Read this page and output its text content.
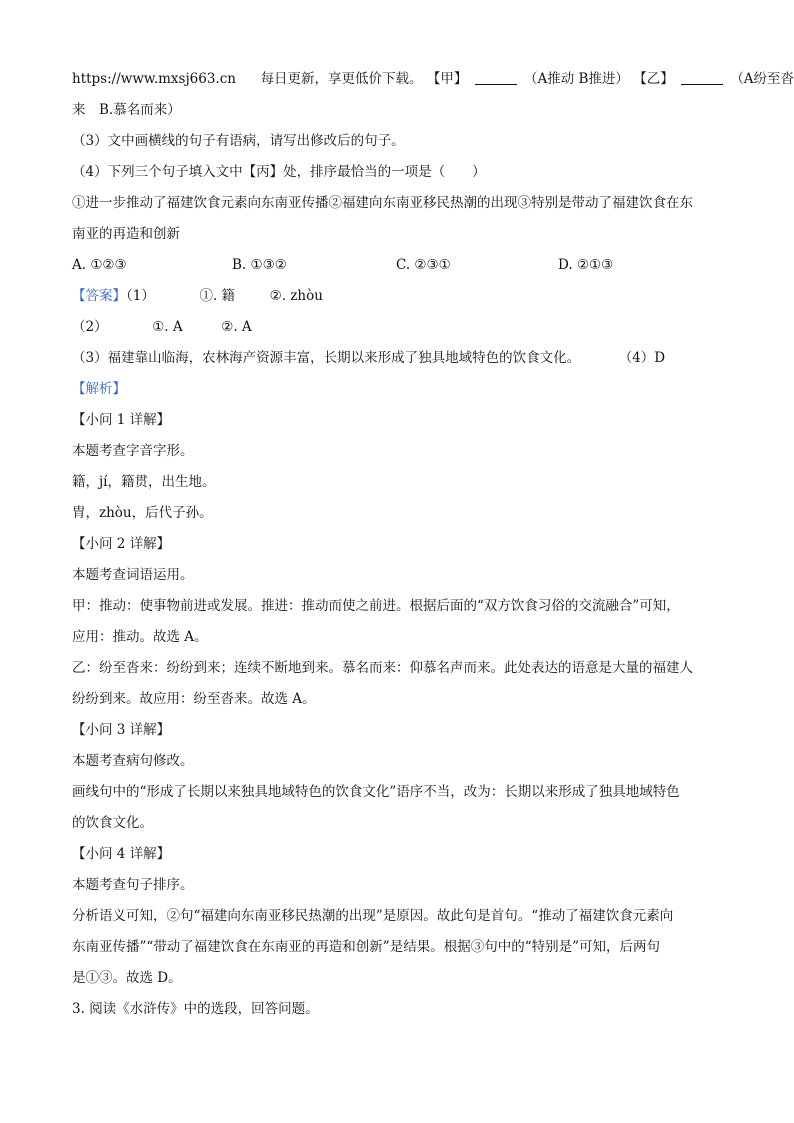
https://www.mxsj663.cn 每日更新，享更低价下载。 【甲】	（A推动 B推进） 【乙】	（A纷至沓
来　B.慕名而来）
（3）文中画横线的句子有语病，请写出修改后的句子。
（4）下列三个句子填入文中【丙】处，排序最恰当的一项是（　　）
①进一步推动了福建饮食元素向东南亚传播②福建向东南亚移民热潮的出现③特别是带动了福建饮食在东
南亚的再造和创新
A. ①②③	B. ①③②	C. ②③①	D. ②①③
【答案】（1）	①. 籍	②. zhòu
（2）	①. A	②. A
（3）福建靠山临海，农林海产资源丰富，长期以来形成了独具地域特色的饮食文化。	（4）D
【解析】
【小问 1 详解】
本题考查字音字形。
籍，jí，籍贯，出生地。
胄，zhòu，后代子孙。
【小问 2 详解】
本题考查词语运用。
甲：推动：使事物前进或发展。推进：推动而使之前进。根据后面的“双方饮食习俗的交流融合”可知，
应用：推动。故选 A。
乙：纷至沓来：纷纷到来；连续不断地到来。慕名而来：仰慕名声而来。此处表达的语意是大量的福建人
纷纷到来。故应用：纷至沓来。故选 A。
【小问 3 详解】
本题考查病句修改。
画线句中的“形成了长期以来独具地域特色的饮食文化”语序不当，改为：长期以来形成了独具地域特色
的饮食文化。
【小问 4 详解】
本题考查句子排序。
分析语义可知，②句“福建向东南亚移民热潮的出现”是原因。故此句是首句。“推动了福建饮食元素向
东南亚传播”“带动了福建饮食在东南亚的再造和创新”是结果。根据③句中的“特别是”可知，后两句
是①③。故选 D。
3. 阅读《水浒传》中的选段，回答问题。
